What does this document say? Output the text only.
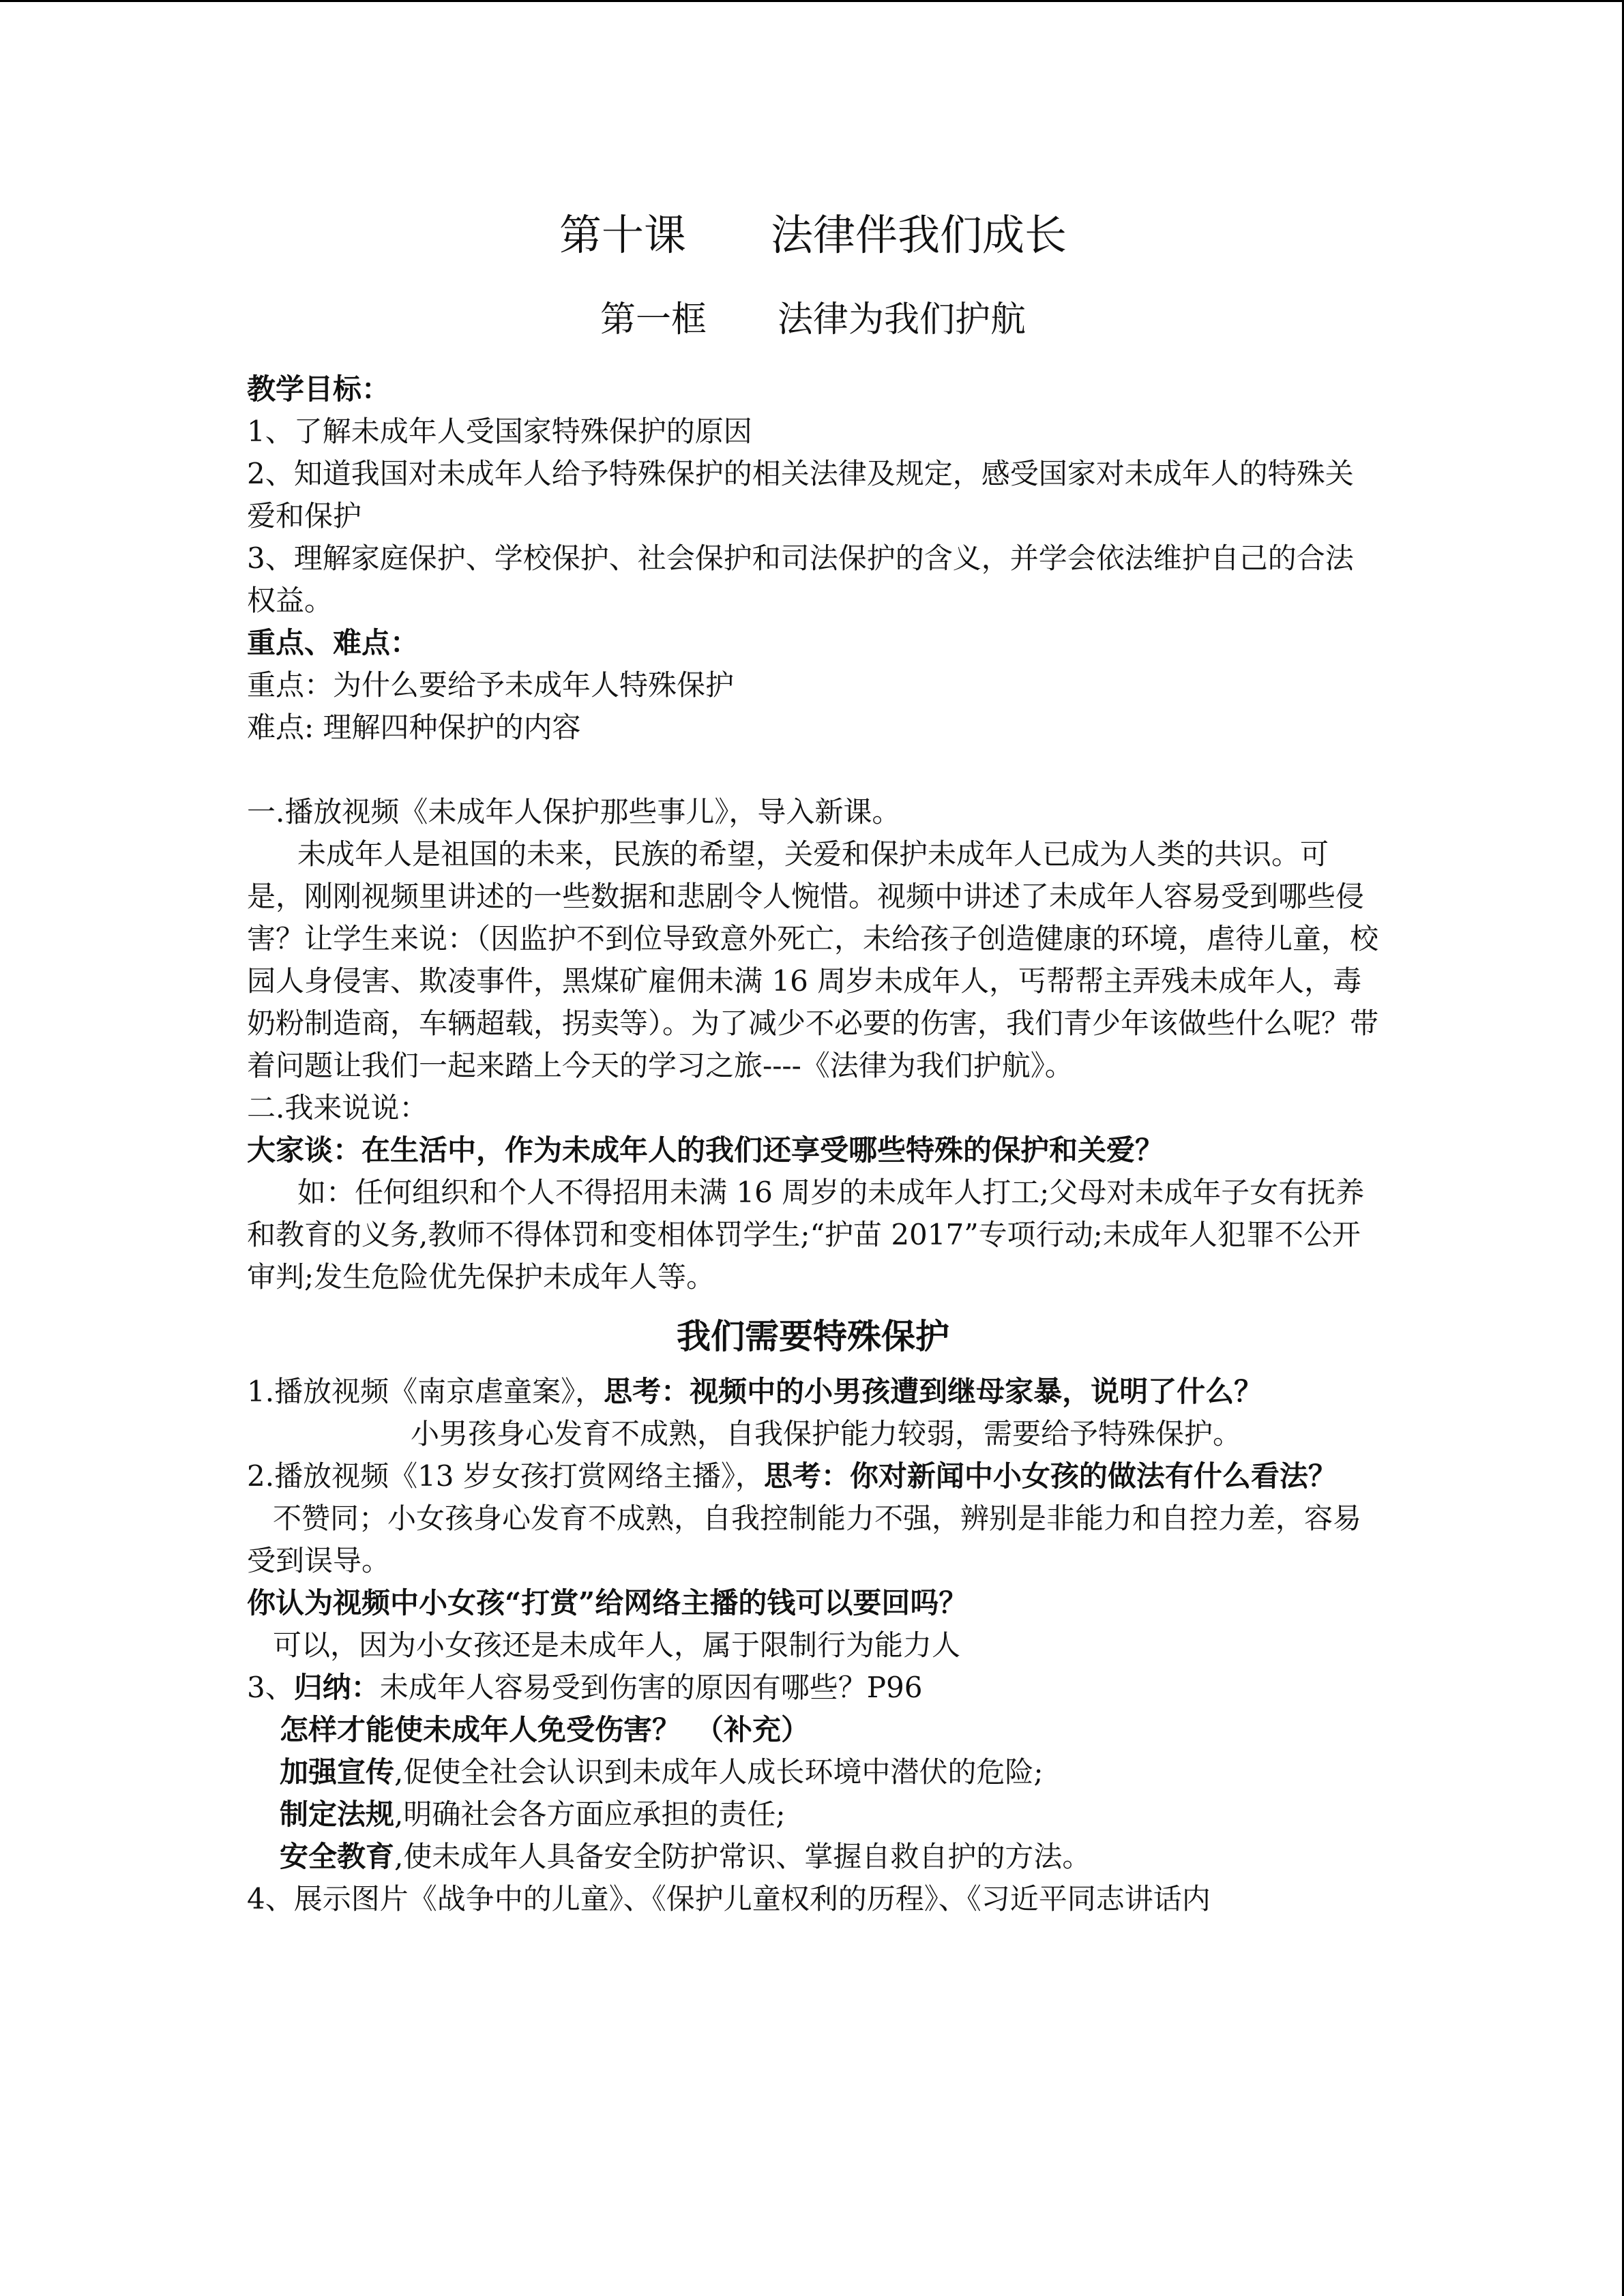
第十课　　法律伴我们成长
第一框　　法律为我们护航

教学目标：

1、了解未成年人受国家特殊保护的原因

2、知道我国对未成年人给予特殊保护的相关法律及规定，感受国家对未成年人的特殊关爱和保护

3、理解家庭保护、学校保护、社会保护和司法保护的含义，并学会依法维护自己的合法权益。

重点、难点：

重点：为什么要给予未成年人特殊保护

难点: 理解四种保护的内容

一.播放视频《未成年人保护那些事儿》，导入新课。

未成年人是祖国的未来，民族的希望，关爱和保护未成年人已成为人类的共识。可是，刚刚视频里讲述的一些数据和悲剧令人惋惜。视频中讲述了未成年人容易受到哪些侵害？让学生来说：（因监护不到位导致意外死亡，未给孩子创造健康的环境，虐待儿童，校园人身侵害、欺凌事件，黑煤矿雇佣未满 16 周岁未成年人，丐帮帮主弄残未成年人，毒奶粉制造商，车辆超载，拐卖等）。为了减少不必要的伤害，我们青少年该做些什么呢？带着问题让我们一起来踏上今天的学习之旅----《法律为我们护航》。

二.我来说说：

大家谈：在生活中，作为未成年人的我们还享受哪些特殊的保护和关爱？

如：任何组织和个人不得招用未满 16 周岁的未成年人打工;父母对未成年子女有抚养和教育的义务,教师不得体罚和变相体罚学生;“护苗 2017”专项行动;未成年人犯罪不公开审判;发生危险优先保护未成年人等。

我们需要特殊保护

1.播放视频《南京虐童案》，思考：视频中的小男孩遭到继母家暴，说明了什么？

小男孩身心发育不成熟，自我保护能力较弱，需要给予特殊保护。

2.播放视频《13 岁女孩打赏网络主播》，思考：你对新闻中小女孩的做法有什么看法？

不赞同；小女孩身心发育不成熟，自我控制能力不强，辨别是非能力和自控力差，容易受到误导。

你认为视频中小女孩“打赏”给网络主播的钱可以要回吗？

可以，因为小女孩还是未成年人，属于限制行为能力人

3、归纳：未成年人容易受到伤害的原因有哪些？P96

怎样才能使未成年人免受伤害？　（补充）

加强宣传,促使全社会认识到未成年人成长环境中潜伏的危险;

制定法规,明确社会各方面应承担的责任;

安全教育,使未成年人具备安全防护常识、掌握自救自护的方法。

4、展示图片《战争中的儿童》、《保护儿童权利的历程》、《习近平同志讲话内
